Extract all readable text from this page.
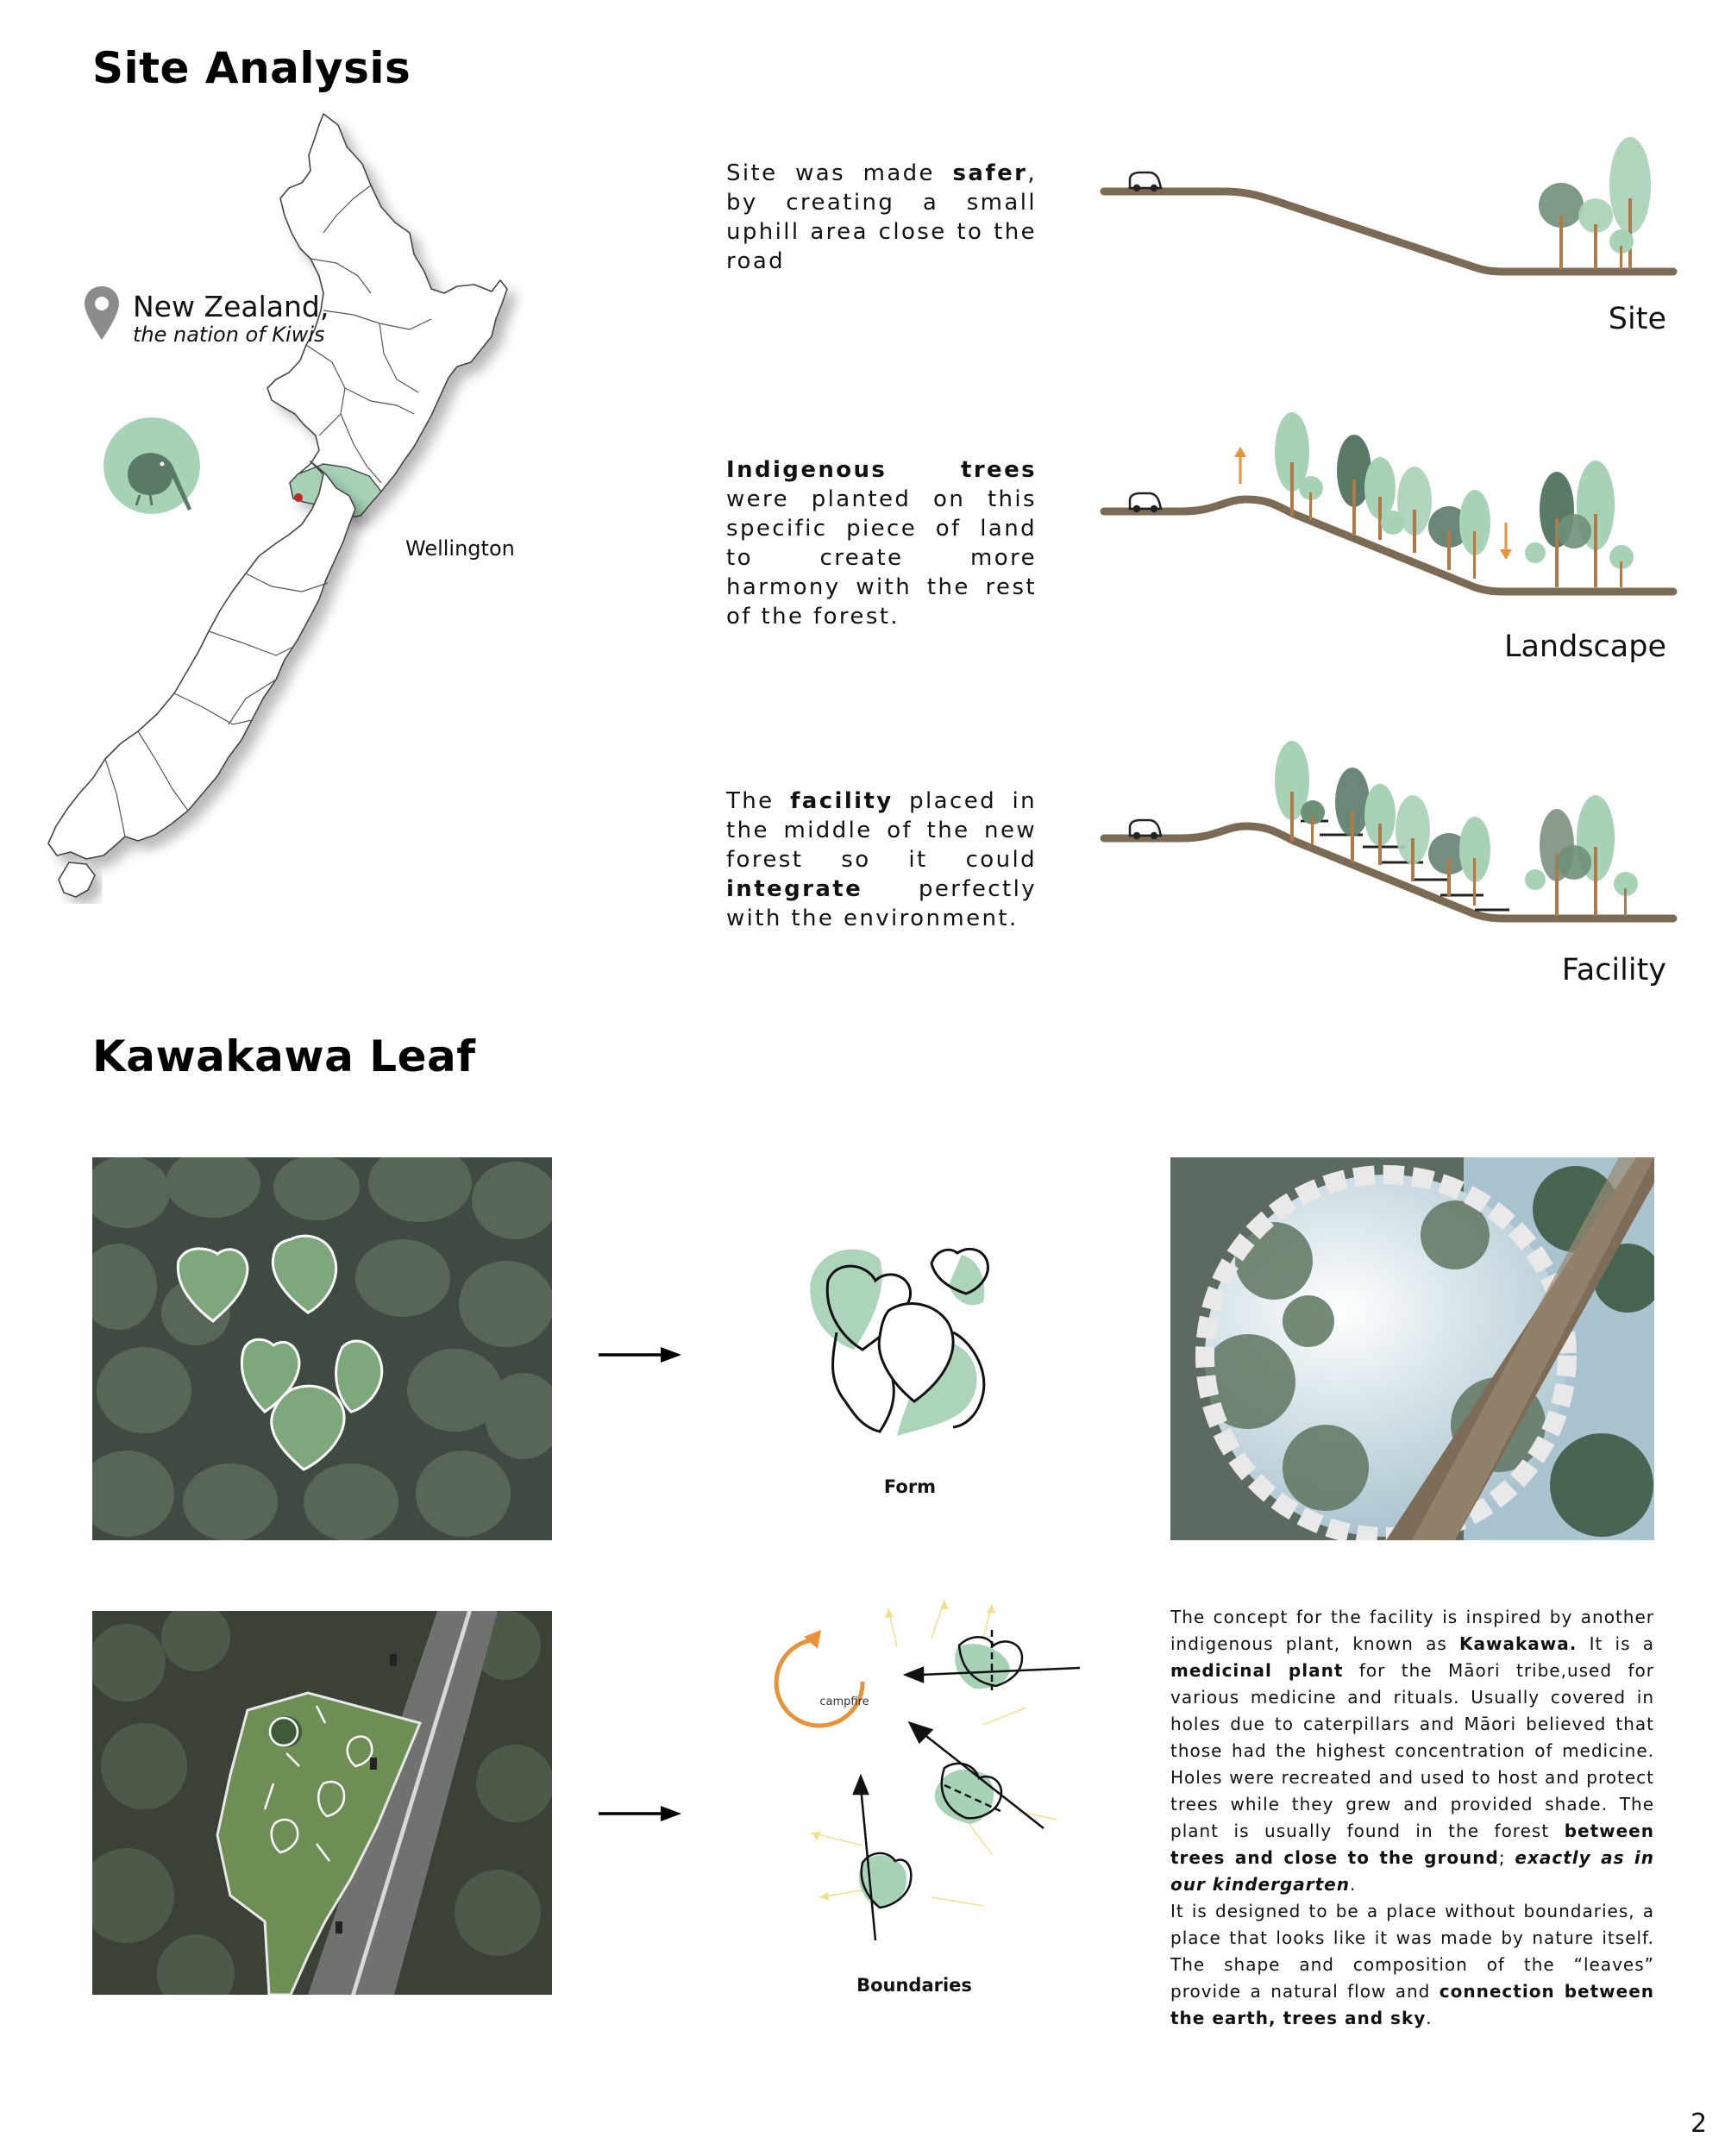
Site Analysis
Kawakawa Leaf
New Zealand,
the nation of Kiwis
Wellington
Site was made safer, by creating a small uphill area close to the road
Indigenous trees were planted on this specific piece of land to create more harmony with the rest of the forest.
The facility placed in the middle of the new forest so it could integrate perfectly with the environment.
Site
Landscape
Facility
Form
campfire
Boundaries
The concept for the facility is inspired by another indigenous plant, known as Kawakawa. It is a medicinal plant for the Māori tribe,used for various medicine and rituals. Usually covered in holes due to caterpillars and Māori believed that those had the highest concentration of medicine. Holes were recreated and used to host and protect trees while they grew and provided shade. The plant is usually found in the forest between trees and close to the ground; exactly as in our kindergarten.
It is designed to be a place without boundaries, a place that looks like it was made by nature itself. The shape and composition of the “leaves” provide a natural flow and connection between the earth, trees and sky.
2
